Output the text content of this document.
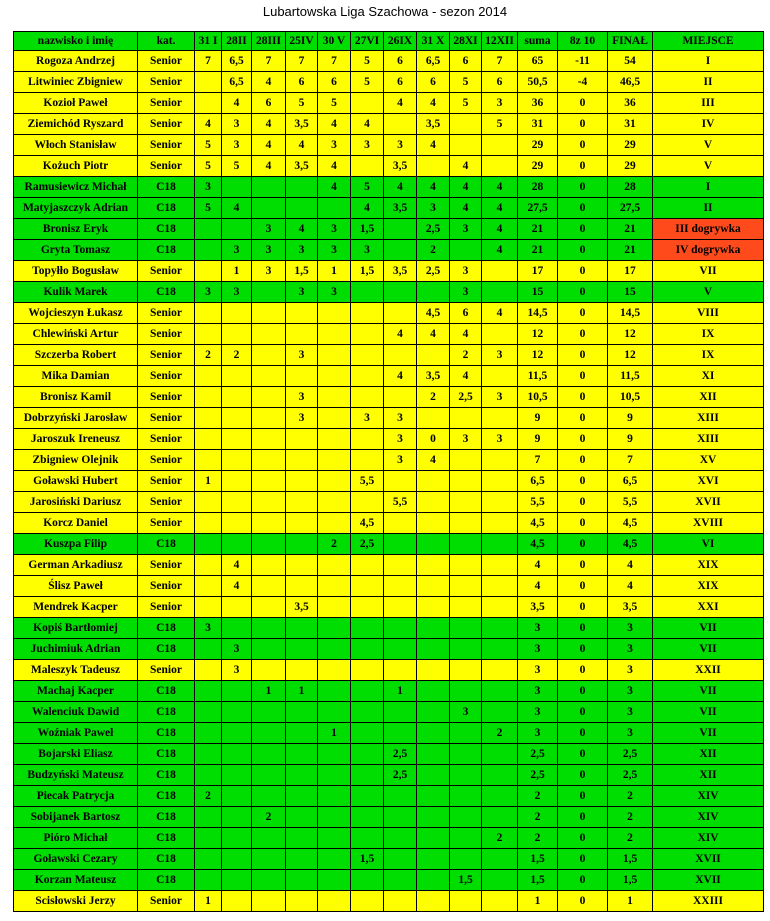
Lubartowska Liga Szachowa - sezon 2014
nazwisko i imię	kat.	31 I	28II	28III	25IV	30 V	27VI	26IX	31 X	28XI	12XII	suma	8z 10	FINAŁ	MIEJSCE
Rogoza Andrzej	Senior	7	6,5	7	7	7	5	6	6,5	6	7	65	-11	54	I
Litwiniec Zbigniew	Senior		6,5	4	6	6	5	6	6	5	6	50,5	-4	46,5	II
Kozioł Paweł	Senior		4	6	5	5		4	4	5	3	36	0	36	III
Ziemichód Ryszard	Senior	4	3	4	3,5	4	4		3,5		5	31	0	31	IV
Włoch Stanisław	Senior	5	3	4	4	3	3	3	4			29	0	29	V
Kożuch Piotr	Senior	5	5	4	3,5	4		3,5		4		29	0	29	V
Ramusiewicz Michał	C18	3				4	5	4	4	4	4	28	0	28	I
Matyjaszczyk Adrian	C18	5	4				4	3,5	3	4	4	27,5	0	27,5	II
Bronisz Eryk	C18			3	4	3	1,5		2,5	3	4	21	0	21	III dogrywka
Gryta Tomasz	C18		3	3	3	3	3		2		4	21	0	21	IV dogrywka
Topyłło Bogusław	Senior		1	3	1,5	1	1,5	3,5	2,5	3		17	0	17	VII
Kulik Marek	C18	3	3		3	3				3		15	0	15	V
Wojcieszyn Łukasz	Senior								4,5	6	4	14,5	0	14,5	VIII
Chlewiński Artur	Senior							4	4	4		12	0	12	IX
Szczerba Robert	Senior	2	2		3					2	3	12	0	12	IX
Mika Damian	Senior							4	3,5	4		11,5	0	11,5	XI
Bronisz Kamil	Senior				3				2	2,5	3	10,5	0	10,5	XII
Dobrzyński Jarosław	Senior				3		3	3				9	0	9	XIII
Jaroszuk Ireneusz	Senior							3	0	3	3	9	0	9	XIII
Zbigniew Olejnik	Senior							3	4			7	0	7	XV
Goławski Hubert	Senior	1					5,5					6,5	0	6,5	XVI
Jarosiński Dariusz	Senior							5,5				5,5	0	5,5	XVII
Korcz Daniel	Senior						4,5					4,5	0	4,5	XVIII
Kuszpa Filip	C18					2	2,5					4,5	0	4,5	VI
German Arkadiusz	Senior		4									4	0	4	XIX
Ślisz Paweł	Senior		4									4	0	4	XIX
Mendrek Kacper	Senior				3,5							3,5	0	3,5	XXI
Kopiś Bartłomiej	C18	3										3	0	3	VII
Juchimiuk Adrian	C18		3									3	0	3	VII
Maleszyk Tadeusz	Senior		3									3	0	3	XXII
Machaj Kacper	C18			1	1			1				3	0	3	VII
Walenciuk Dawid	C18									3		3	0	3	VII
Woźniak Paweł	C18					1					2	3	0	3	VII
Bojarski Eliasz	C18							2,5				2,5	0	2,5	XII
Budzyński Mateusz	C18							2,5				2,5	0	2,5	XII
Piecak Patrycja	C18	2										2	0	2	XIV
Sobijanek Bartosz	C18			2								2	0	2	XIV
Pióro Michał	C18										2	2	0	2	XIV
Goławski Cezary	C18						1,5					1,5	0	1,5	XVII
Korzan Mateusz	C18									1,5		1,5	0	1,5	XVII
Scisłowski Jerzy	Senior	1										1	0	1	XXIII
